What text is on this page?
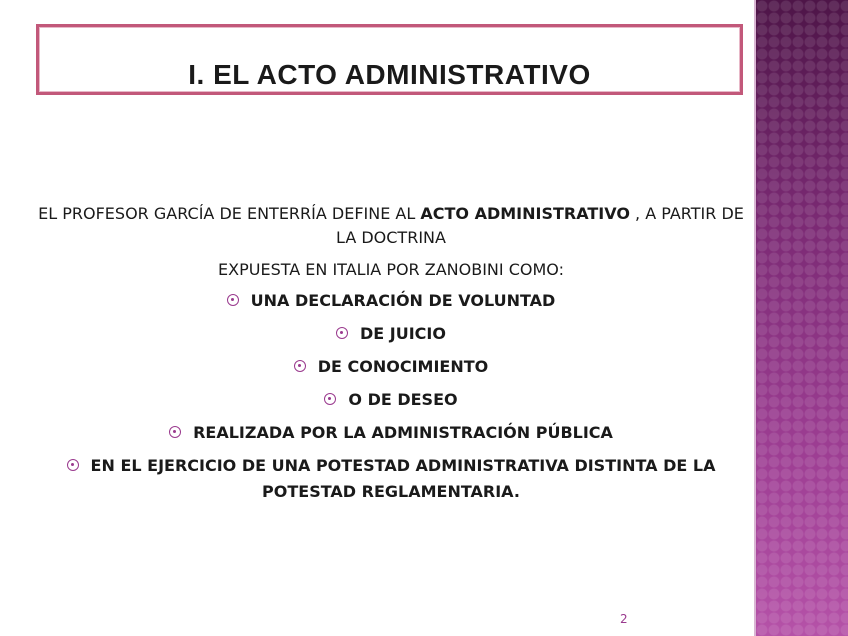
I. EL ACTO ADMINISTRATIVO

EL PROFESOR GARCÍA DE ENTERRÍA DEFINE AL ACTO ADMINISTRATIVO , A PARTIR DE LA DOCTRINA

EXPUESTA EN ITALIA POR ZANOBINI COMO:

UNA DECLARACIÓN DE VOLUNTAD

DE JUICIO

DE CONOCIMIENTO

O DE DESEO

REALIZADA POR LA ADMINISTRACIÓN PÚBLICA

EN EL EJERCICIO DE UNA POTESTAD ADMINISTRATIVA DISTINTA DE LA POTESTAD REGLAMENTARIA.

2
